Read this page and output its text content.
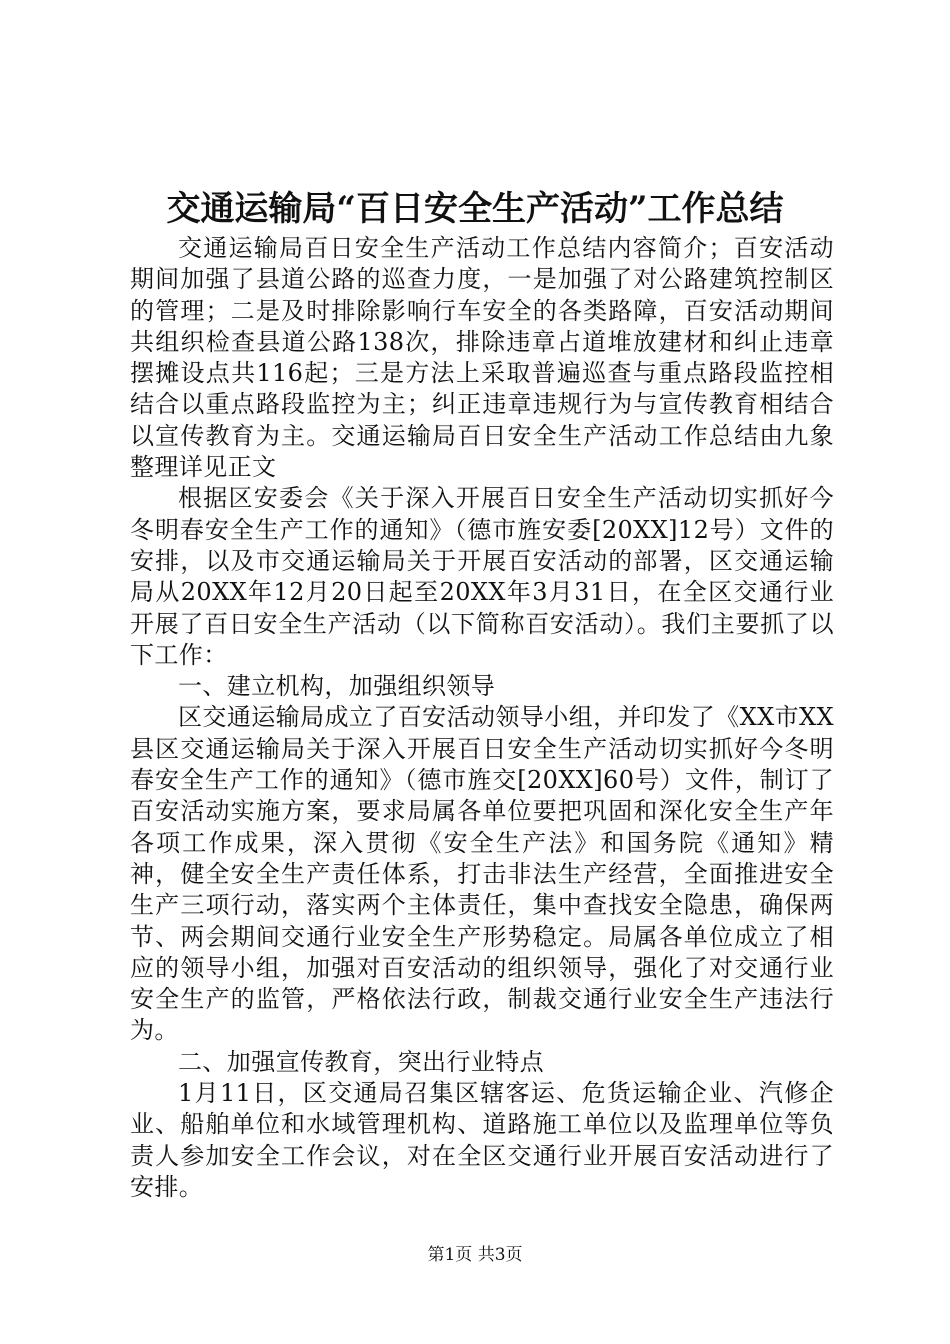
交通运输局“百日安全生产活动”工作总结

交通运输局百日安全生产活动工作总结内容简介；百安活动期间加强了县道公路的巡查力度，一是加强了对公路建筑控制区的管理；二是及时排除影响行车安全的各类路障，百安活动期间共组织检查县道公路138次，排除违章占道堆放建材和纠止违章摆摊设点共116起；三是方法上采取普遍巡查与重点路段监控相结合以重点路段监控为主；纠正违章违规行为与宣传教育相结合以宣传教育为主。交通运输局百日安全生产活动工作总结由九象整理详见正文

根据区安委会《关于深入开展百日安全生产活动切实抓好今冬明春安全生产工作的通知》（德市旌安委[20XX]12号）文件的安排，以及市交通运输局关于开展百安活动的部署，区交通运输局从20XX年12月20日起至20XX年3月31日，在全区交通行业开展了百日安全生产活动（以下简称百安活动）。我们主要抓了以下工作：

一、建立机构，加强组织领导

区交通运输局成立了百安活动领导小组，并印发了《XX市XX县区交通运输局关于深入开展百日安全生产活动切实抓好今冬明春安全生产工作的通知》（德市旌交[20XX]60号）文件，制订了百安活动实施方案，要求局属各单位要把巩固和深化安全生产年各项工作成果，深入贯彻《安全生产法》和国务院《通知》精神，健全安全生产责任体系，打击非法生产经营，全面推进安全生产三项行动，落实两个主体责任，集中查找安全隐患，确保两节、两会期间交通行业安全生产形势稳定。局属各单位成立了相应的领导小组，加强对百安活动的组织领导，强化了对交通行业安全生产的监管，严格依法行政，制裁交通行业安全生产违法行为。

二、加强宣传教育，突出行业特点

1月11日，区交通局召集区辖客运、危货运输企业、汽修企业、船舶单位和水域管理机构、道路施工单位以及监理单位等负责人参加安全工作会议，对在全区交通行业开展百安活动进行了安排。

第1页 共3页
